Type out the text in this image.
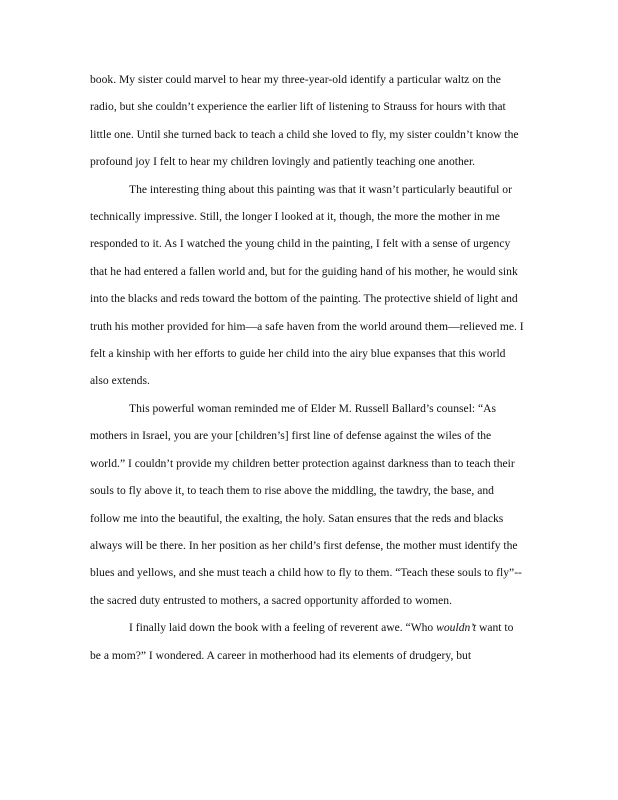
book. My sister could marvel to hear my three-year-old identify a particular waltz on the radio, but she couldn’t experience the earlier lift of listening to Strauss for hours with that little one. Until she turned back to teach a child she loved to fly, my sister couldn’t know the profound joy I felt to hear my children lovingly and patiently teaching one another.

The interesting thing about this painting was that it wasn’t particularly beautiful or technically impressive. Still, the longer I looked at it, though, the more the mother in me responded to it. As I watched the young child in the painting, I felt with a sense of urgency that he had entered a fallen world and, but for the guiding hand of his mother, he would sink into the blacks and reds toward the bottom of the painting. The protective shield of light and truth his mother provided for him—a safe haven from the world around them—relieved me. I felt a kinship with her efforts to guide her child into the airy blue expanses that this world also extends.

This powerful woman reminded me of Elder M. Russell Ballard’s counsel: “As mothers in Israel, you are your [children’s] first line of defense against the wiles of the world.” I couldn’t provide my children better protection against darkness than to teach their souls to fly above it, to teach them to rise above the middling, the tawdry, the base, and follow me into the beautiful, the exalting, the holy. Satan ensures that the reds and blacks always will be there. In her position as her child’s first defense, the mother must identify the blues and yellows, and she must teach a child how to fly to them. “Teach these souls to fly”--the sacred duty entrusted to mothers, a sacred opportunity afforded to women.

I finally laid down the book with a feeling of reverent awe. “Who wouldn’t want to be a mom?” I wondered. A career in motherhood had its elements of drudgery, but
